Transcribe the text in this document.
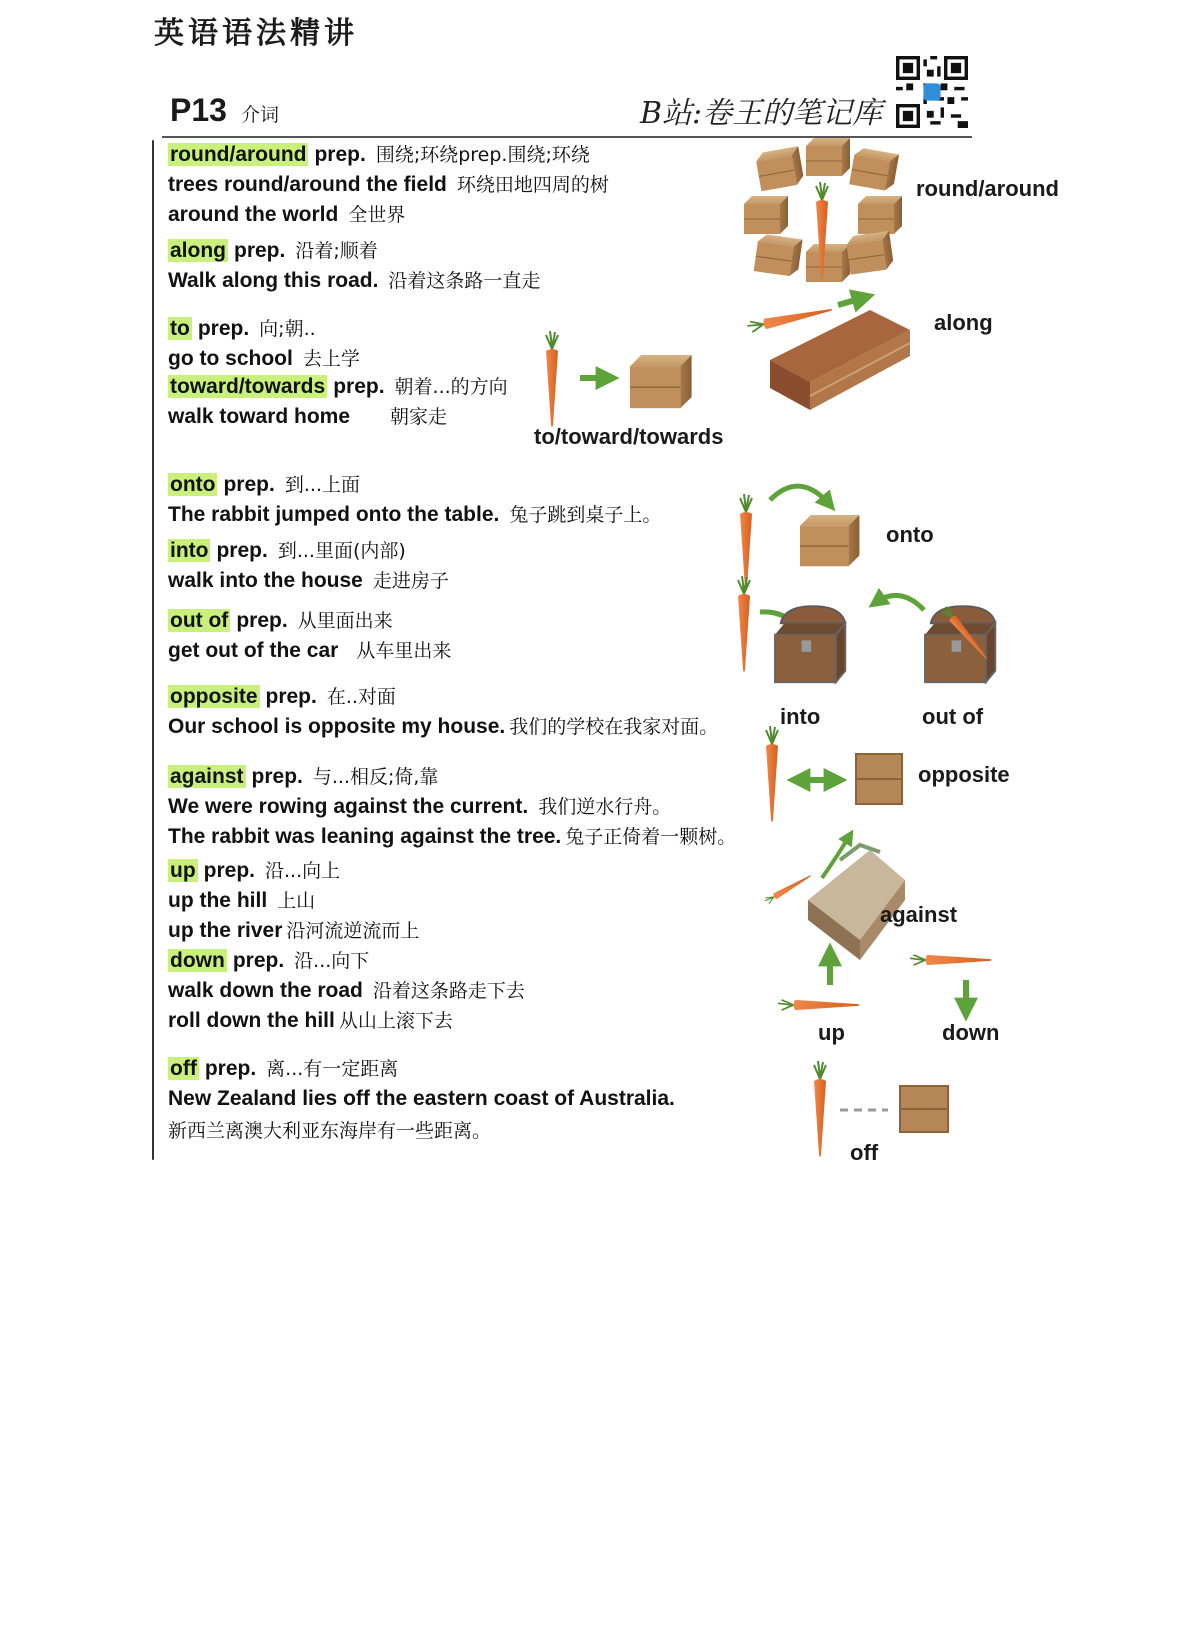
英语语法精讲
P13 介词	B站:卷王的笔记库
round/around prep. 围绕;环绕prep.围绕;环绕
trees round/around the field 环绕田地四周的树
around the world 全世界
along prep. 沿着;顺着
Walk along this road. 沿着这条路一直走
to prep. 向;朝..
go to school 去上学
toward/towards prep. 朝着...的方向
walk toward home 朝家走
onto prep. 到...上面
The rabbit jumped onto the table. 兔子跳到桌子上。
into prep. 到...里面(内部)
walk into the house 走进房子
out of prep. 从里面出来
get out of the car 从车里出来
opposite prep. 在..对面
Our school is opposite my house. 我们的学校在我家对面。
against prep. 与...相反;倚,靠
We were rowing against the current. 我们逆水行舟。
The rabbit was leaning against the tree. 兔子正倚着一颗树。
up prep. 沿...向上
up the hill 上山
up the river 沿河流逆流而上
down prep. 沿...向下
walk down the road 沿着这条路走下去
roll down the hill 从山上滚下去
off prep. 离...有一定距离
New Zealand lies off the eastern coast of Australia.
新西兰离澳大利亚东海岸有一些距离。
round/around
along
to/toward/towards
onto
into	out of
opposite
against
up	down
off
